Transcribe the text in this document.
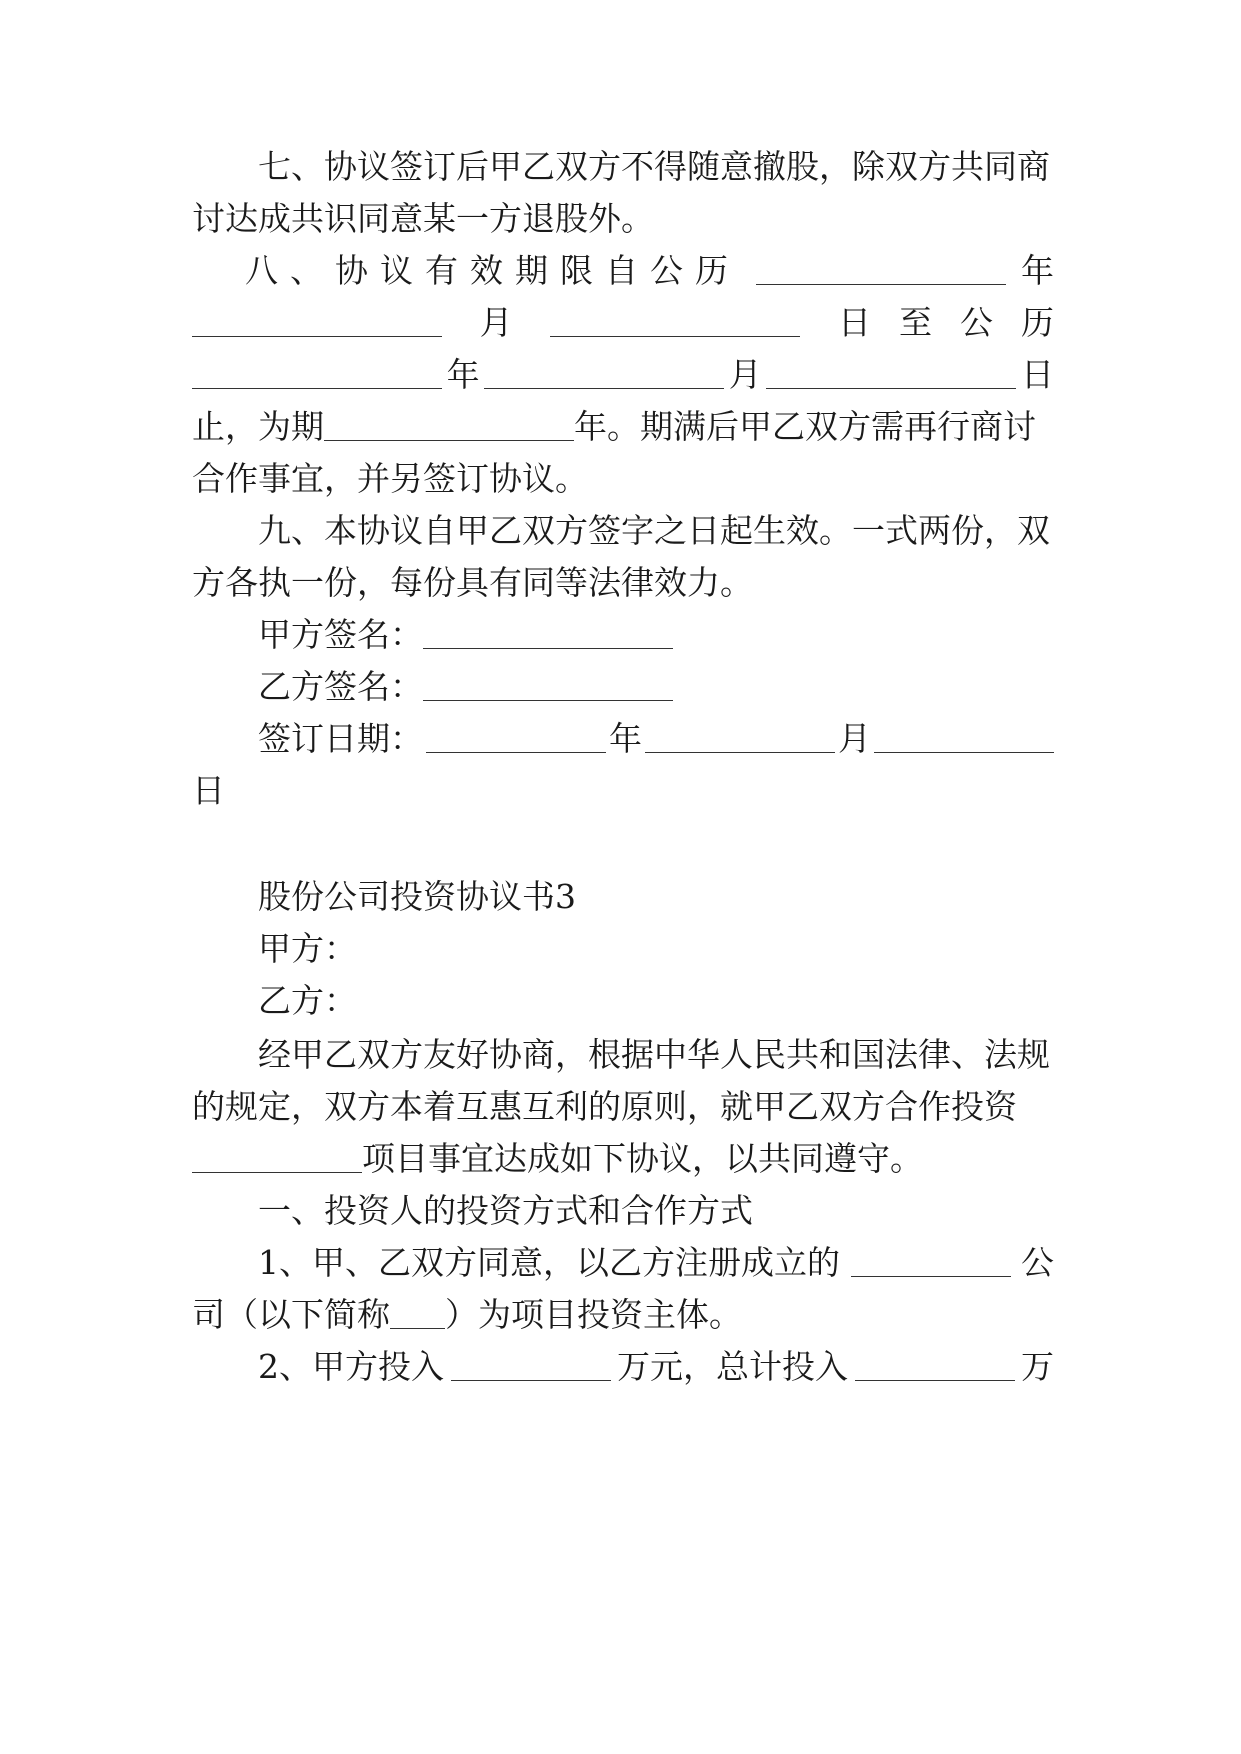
七、协议签订后甲乙双方不得随意撤股，除双方共同商
讨达成共识同意某一方退股外。
八、协议有效期限自公历	年
月	日至公历
年	月	日
止，为期	年。期满后甲乙双方需再行商讨
合作事宜，并另签订协议。
九、本协议自甲乙双方签字之日起生效。一式两份，双
方各执一份，每份具有同等法律效力。
甲方签名：
乙方签名：
签订日期：	年	月
日
股份公司投资协议书3
甲方：
乙方：
经甲乙双方友好协商，根据中华人民共和国法律、法规
的规定，双方本着互惠互利的原则，就甲乙双方合作投资
项目事宜达成如下协议，以共同遵守。
一、投资人的投资方式和合作方式
1、甲、乙双方同意，以乙方注册成立的	公
司（以下简称 ）为项目投资主体。
2、甲方投入	万元，总计投入	万
